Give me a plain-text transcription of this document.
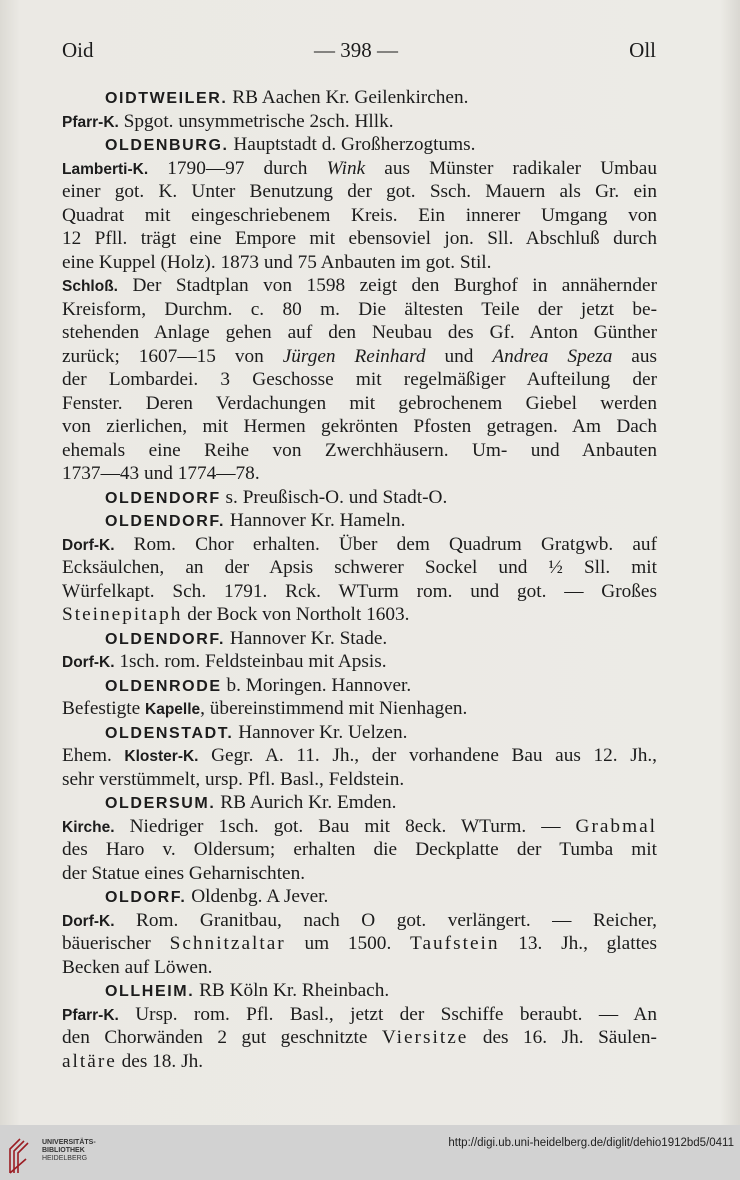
Oid	— 398 —	Oll
OIDTWEILER. RB Aachen Kr. Geilenkirchen.
Pfarr-K. Spgot. unsymmetrische 2sch. Hllk.
OLDENBURG. Hauptstadt d. Großherzogtums.
Lamberti-K. 1790—97 durch Wink aus Münster radikaler Umbau
einer got. K. Unter Benutzung der got. Ssch. Mauern als Gr. ein
Quadrat mit eingeschriebenem Kreis. Ein innerer Umgang von
12 Pfll. trägt eine Empore mit ebensoviel jon. Sll. Abschluß durch
eine Kuppel (Holz). 1873 und 75 Anbauten im got. Stil.
Schloß. Der Stadtplan von 1598 zeigt den Burghof in annähernder
Kreisform, Durchm. c. 80 m. Die ältesten Teile der jetzt be-
stehenden Anlage gehen auf den Neubau des Gf. Anton Günther
zurück; 1607—15 von Jürgen Reinhard und Andrea Speza aus
der Lombardei. 3 Geschosse mit regelmäßiger Aufteilung der
Fenster. Deren Verdachungen mit gebrochenem Giebel werden
von zierlichen, mit Hermen gekrönten Pfosten getragen. Am Dach
ehemals eine Reihe von Zwerchhäusern. Um- und Anbauten
1737—43 und 1774—78.
OLDENDORF s. Preußisch-O. und Stadt-O.
OLDENDORF. Hannover Kr. Hameln.
Dorf-K. Rom. Chor erhalten. Über dem Quadrum Gratgwb. auf
Ecksäulchen, an der Apsis schwerer Sockel und ½ Sll. mit
Würfelkapt. Sch. 1791. Rck. WTurm rom. und got. — Großes
Steinepitaph der Bock von Northolt 1603.
OLDENDORF. Hannover Kr. Stade.
Dorf-K. 1sch. rom. Feldsteinbau mit Apsis.
OLDENRODE b. Moringen. Hannover.
Befestigte Kapelle, übereinstimmend mit Nienhagen.
OLDENSTADT. Hannover Kr. Uelzen.
Ehem. Kloster-K. Gegr. A. 11. Jh., der vorhandene Bau aus 12. Jh.,
sehr verstümmelt, ursp. Pfl. Basl., Feldstein.
OLDERSUM. RB Aurich Kr. Emden.
Kirche. Niedriger 1sch. got. Bau mit 8eck. WTurm. — Grabmal
des Haro v. Oldersum; erhalten die Deckplatte der Tumba mit
der Statue eines Geharnischten.
OLDORF. Oldenbg. A Jever.
Dorf-K. Rom. Granitbau, nach O got. verlängert. — Reicher,
bäuerischer Schnitzaltar um 1500. Taufstein 13. Jh., glattes
Becken auf Löwen.
OLLHEIM. RB Köln Kr. Rheinbach.
Pfarr-K. Ursp. rom. Pfl. Basl., jetzt der Sschiffe beraubt. — An
den Chorwänden 2 gut geschnitzte Viersitze des 16. Jh. Säulen-
altäre des 18. Jh.
UNIVERSITÄTS-
BIBLIOTHEK
HEIDELBERG
http://digi.ub.uni-heidelberg.de/diglit/dehio1912bd5/0411
